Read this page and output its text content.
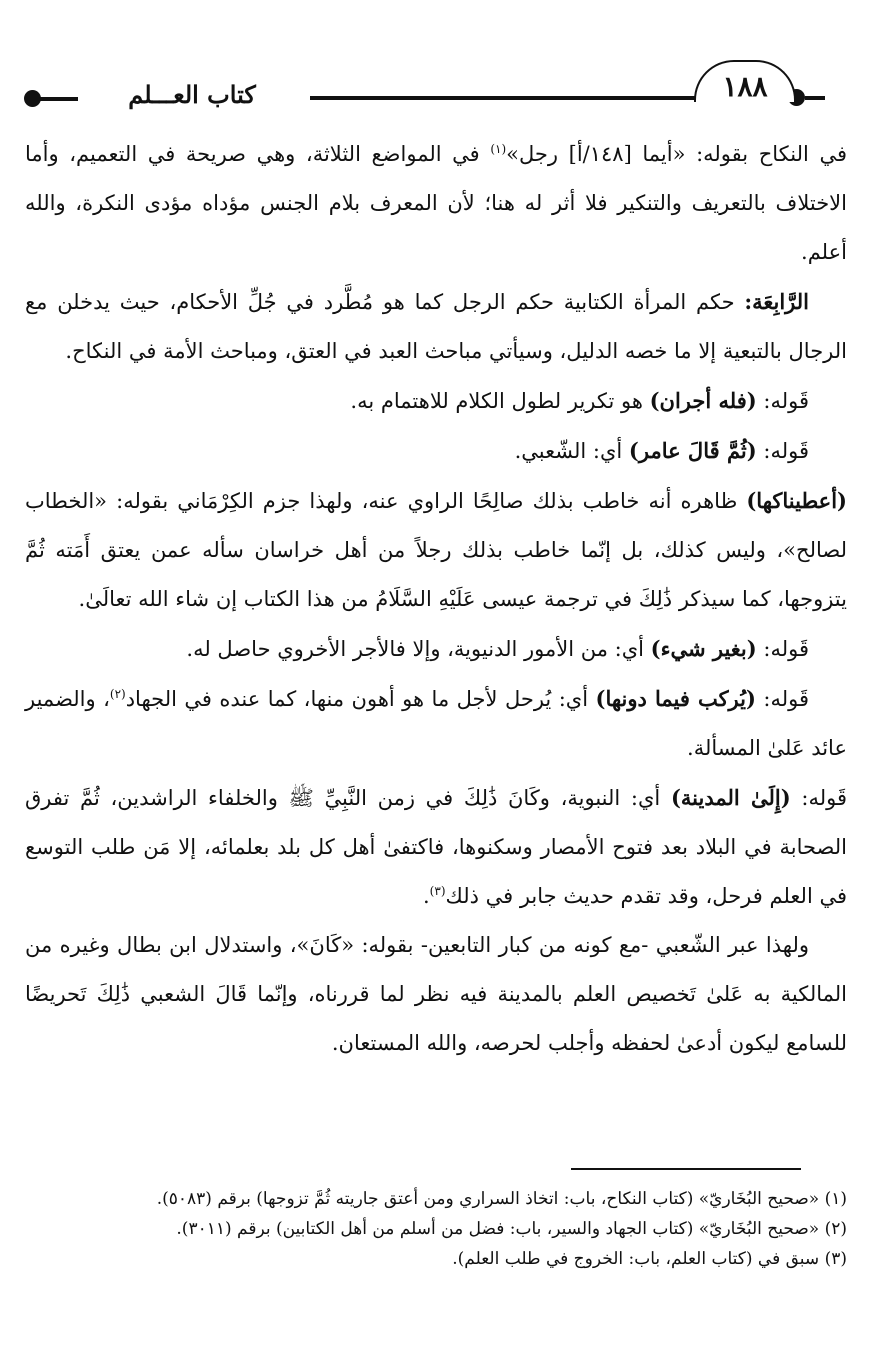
١٨٨
كتاب العـــلم

في النكاح بقوله: «أيما [١٤٨/أ] رجل»$^{(١)}$ في المواضع الثلاثة، وهي صريحة في التعميم، وأما الاختلاف بالتعريف والتنكير فلا أثر له هنا؛ لأن المعرف بلام الجنس مؤداه مؤدى النكرة، والله أعلم.

الرَّابِعَة: حكم المرأة الكتابية حكم الرجل كما هو مُطَّرد في جُلِّ الأحكام، حيث يدخلن مع الرجال بالتبعية إلا ما خصه الدليل، وسيأتي مباحث العبد في العتق، ومباحث الأمة في النكاح.

قَوله: (فله أجران) هو تكرير لطول الكلام للاهتمام به.

قَوله: (ثُمَّ قَالَ عامر) أي: الشّعبي.

(أعطيناكها) ظاهره أنه خاطب بذلك صالِحًا الراوي عنه، ولهذا جزم الكِرْمَاني بقوله: «الخطاب لصالح»، وليس كذلك، بل إنّما خاطب بذلك رجلاً من أهل خراسان سأله عمن يعتق أَمَته ثُمَّ يتزوجها، كما سيذكر ذَٰلِكَ في ترجمة عيسى عَلَيْهِ السَّلَامُ من هذا الكتاب إن شاء الله تعالَىٰ.

قَوله: (بغير شيء) أي: من الأمور الدنيوية، وإلا فالأجر الأخروي حاصل له.

قَوله: (يُركب فيما دونها) أي: يُرحل لأجل ما هو أهون منها، كما عنده في الجهاد$^{(٢)}$، والضمير عائد عَلىٰ المسألة.

قَوله: (إِلَىٰ المدينة) أي: النبوية، وكَانَ ذَٰلِكَ في زمن النَّبِيِّ ﷺ والخلفاء الراشدين، ثُمَّ تفرق الصحابة في البلاد بعد فتوح الأمصار وسكنوها، فاكتفىٰ أهل كل بلد بعلمائه، إلا مَن طلب التوسع في العلم فرحل، وقد تقدم حديث جابر في ذلك$^{(٣)}$.

ولهذا عبر الشّعبي -مع كونه من كبار التابعين- بقوله: «كَانَ»، واستدلال ابن بطال وغيره من المالكية به عَلىٰ تَخصيص العلم بالمدينة فيه نظر لما قررناه، وإنّما قَالَ الشعبي ذَٰلِكَ تَحريضًا للسامع ليكون أدعىٰ لحفظه وأجلب لحرصه، والله المستعان.

(١) «صحيح البُخَاريّ» (كتاب النكاح، باب: اتخاذ السراري ومن أعتق جاريته ثُمَّ تزوجها) برقم (٥٠٨٣).

(٢) «صحيح البُخَاريّ» (كتاب الجهاد والسير، باب: فضل من أسلم من أهل الكتابين) برقم (٣٠١١).

(٣) سبق في (كتاب العلم، باب: الخروج في طلب العلم).
